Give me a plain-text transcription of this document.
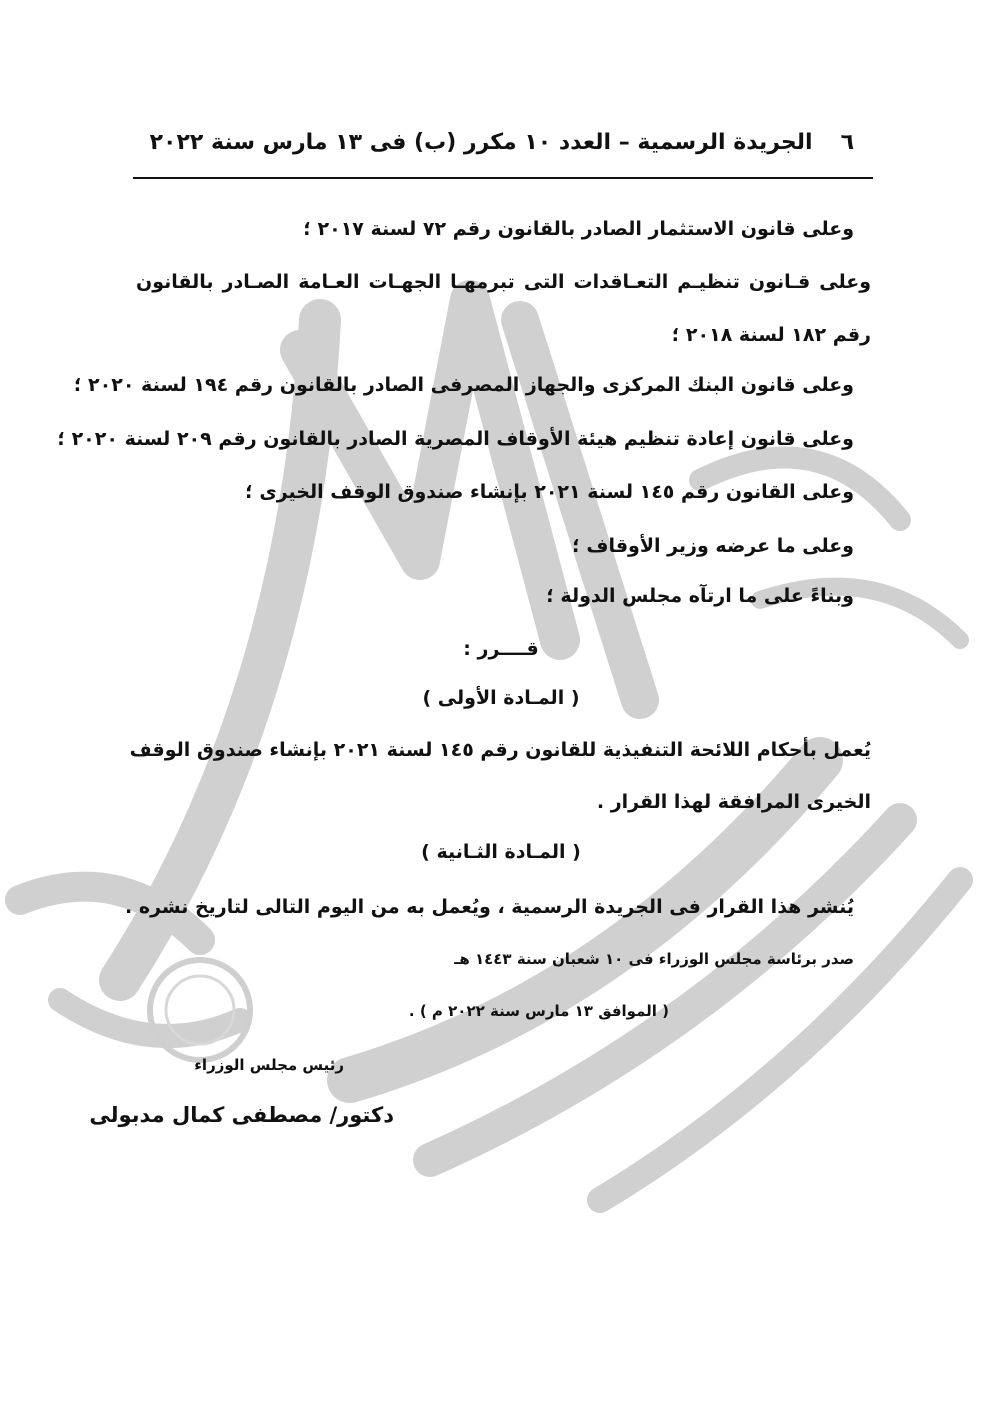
٦
الجريدة الرسمية – العدد ١٠ مكرر (ب) فى ١٣ مارس سنة ٢٠٢٢
وعلى قانون الاستثمار الصادر بالقانون رقم ٧٢ لسنة ٢٠١٧ ؛
وعلى قـانون تنظيـم التعـاقدات التى تبرمهـا الجهـات العـامة الصـادر بالقانون
رقم ١٨٢ لسنة ٢٠١٨ ؛
وعلى قانون البنك المركزى والجهاز المصرفى الصادر بالقانون رقم ١٩٤ لسنة ٢٠٢٠ ؛
وعلى قانون إعادة تنظيم هيئة الأوقاف المصرية الصادر بالقانون رقم ٢٠٩ لسنة ٢٠٢٠ ؛
وعلى القانون رقم ١٤٥ لسنة ٢٠٢١ بإنشاء صندوق الوقف الخيرى ؛
وعلى ما عرضه وزير الأوقاف ؛
وبناءً على ما ارتآه مجلس الدولة ؛
قــــرر :
( المـادة الأولى )
يُعمل بأحكام اللائحة التنفيذية للقانون رقم ١٤٥ لسنة ٢٠٢١ بإنشاء صندوق الوقف
الخيرى المرافقة لهذا القرار .
( المـادة الثـانية )
يُنشر هذا القرار فى الجريدة الرسمية ، ويُعمل به من اليوم التالى لتاريخ نشره .
صدر برئاسة مجلس الوزراء فى ١٠ شعبان سنة ١٤٤٣ هـ
( الموافق ١٣ مارس سنة ٢٠٢٢ م ) .
رئيس مجلس الوزراء
دكتور/ مصطفى كمال مدبولى
